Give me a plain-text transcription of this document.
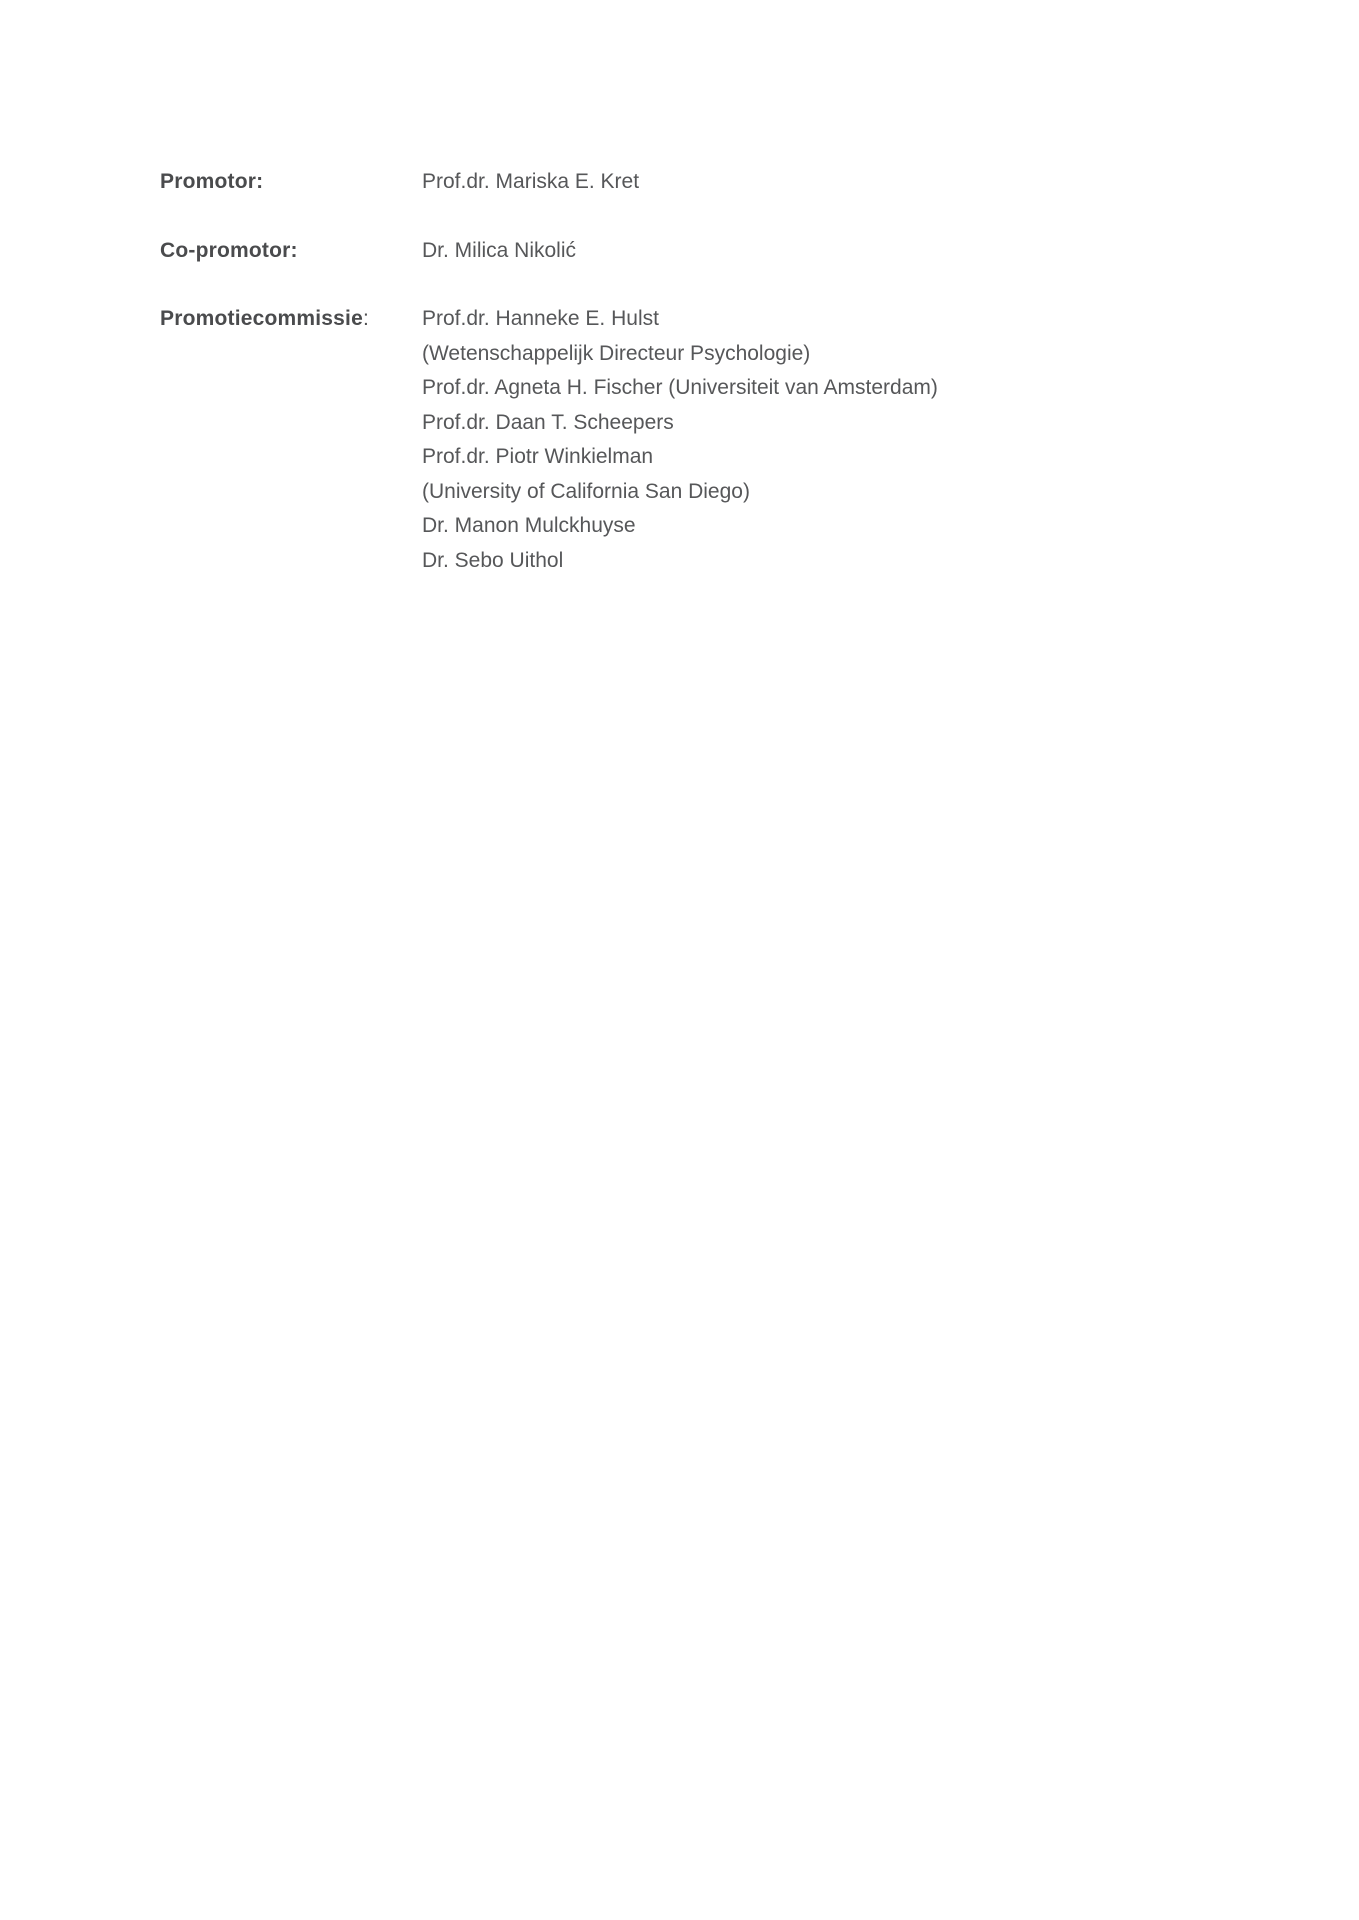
Promotor:	Prof.dr. Mariska E. Kret
Co-promotor:	Dr. Milica Nikolić
Promotiecommissie:	Prof.dr. Hanneke E. Hulst
(Wetenschappelijk Directeur Psychologie)
Prof.dr. Agneta H. Fischer (Universiteit van Amsterdam)
Prof.dr. Daan T. Scheepers
Prof.dr. Piotr Winkielman
(University of California San Diego)
Dr. Manon Mulckhuyse
Dr. Sebo Uithol
